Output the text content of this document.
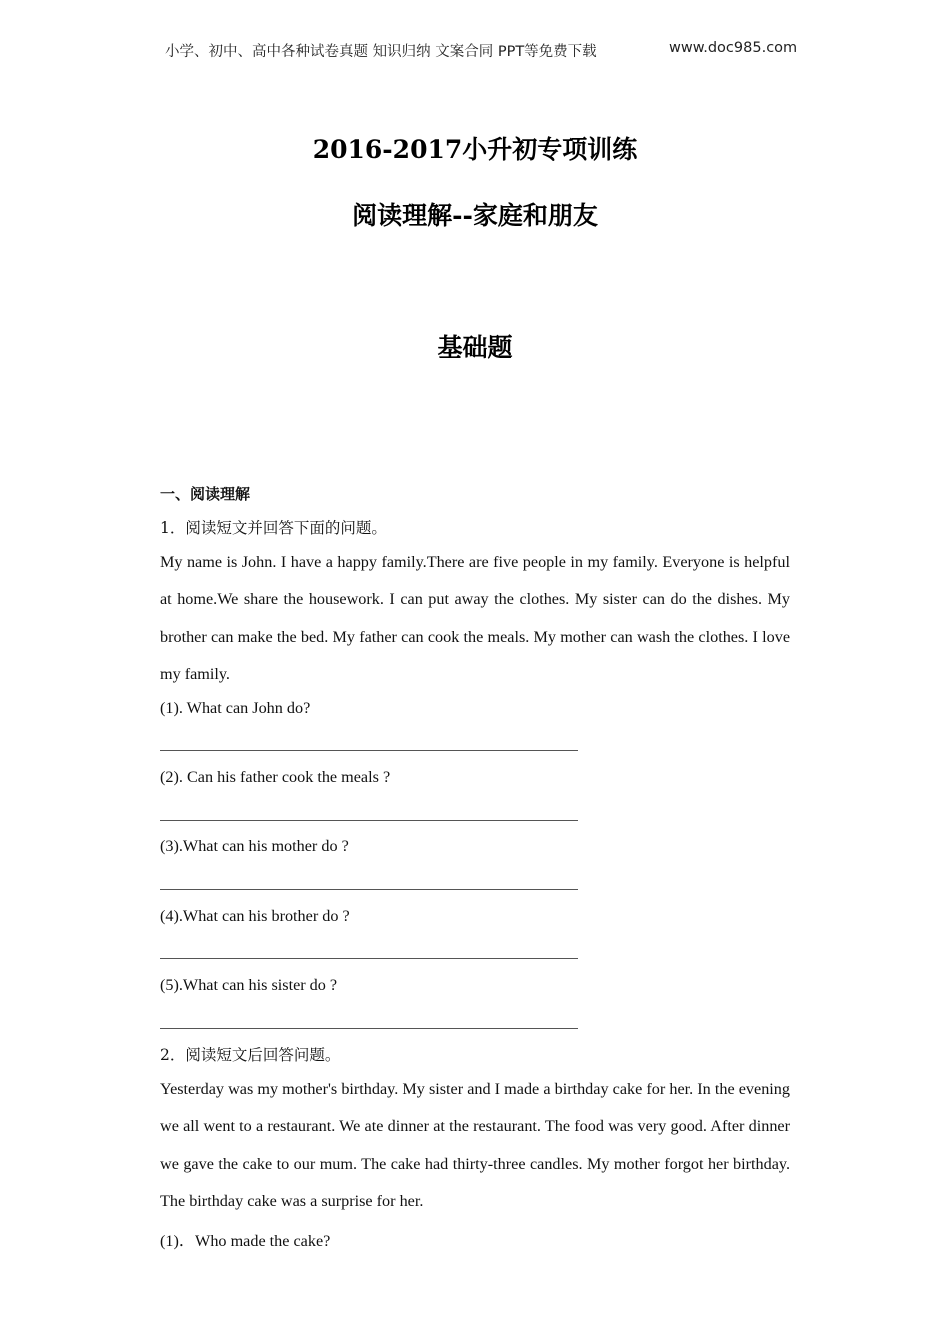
小学、初中、高中各种试卷真题 知识归纳 文案合同 PPT等免费下载	www.doc985.com
2016-2017小升初专项训练
阅读理解--家庭和朋友
基础题
一、阅读理解
1．阅读短文并回答下面的问题。
My name is John. I have a happy family.There are five people in my family. Everyone is helpful at home.We share the housework. I can put away the clothes. My sister can do the dishes. My brother can make the bed. My father can cook the meals. My mother can wash the clothes. I love my family.
(1). What can John do?
(2). Can his father cook the meals ?
(3).What can his mother do ?
(4).What can his brother do ?
(5).What can his sister do ?
2．阅读短文后回答问题。
Yesterday was my mother's birthday. My sister and I made a birthday cake for her. In the evening we all went to a restaurant. We ate dinner at the restaurant. The food was very good. After dinner we gave the cake to our mum. The cake had thirty-three candles. My mother forgot her birthday. The birthday cake was a surprise for her.
(1)．Who made the cake?
